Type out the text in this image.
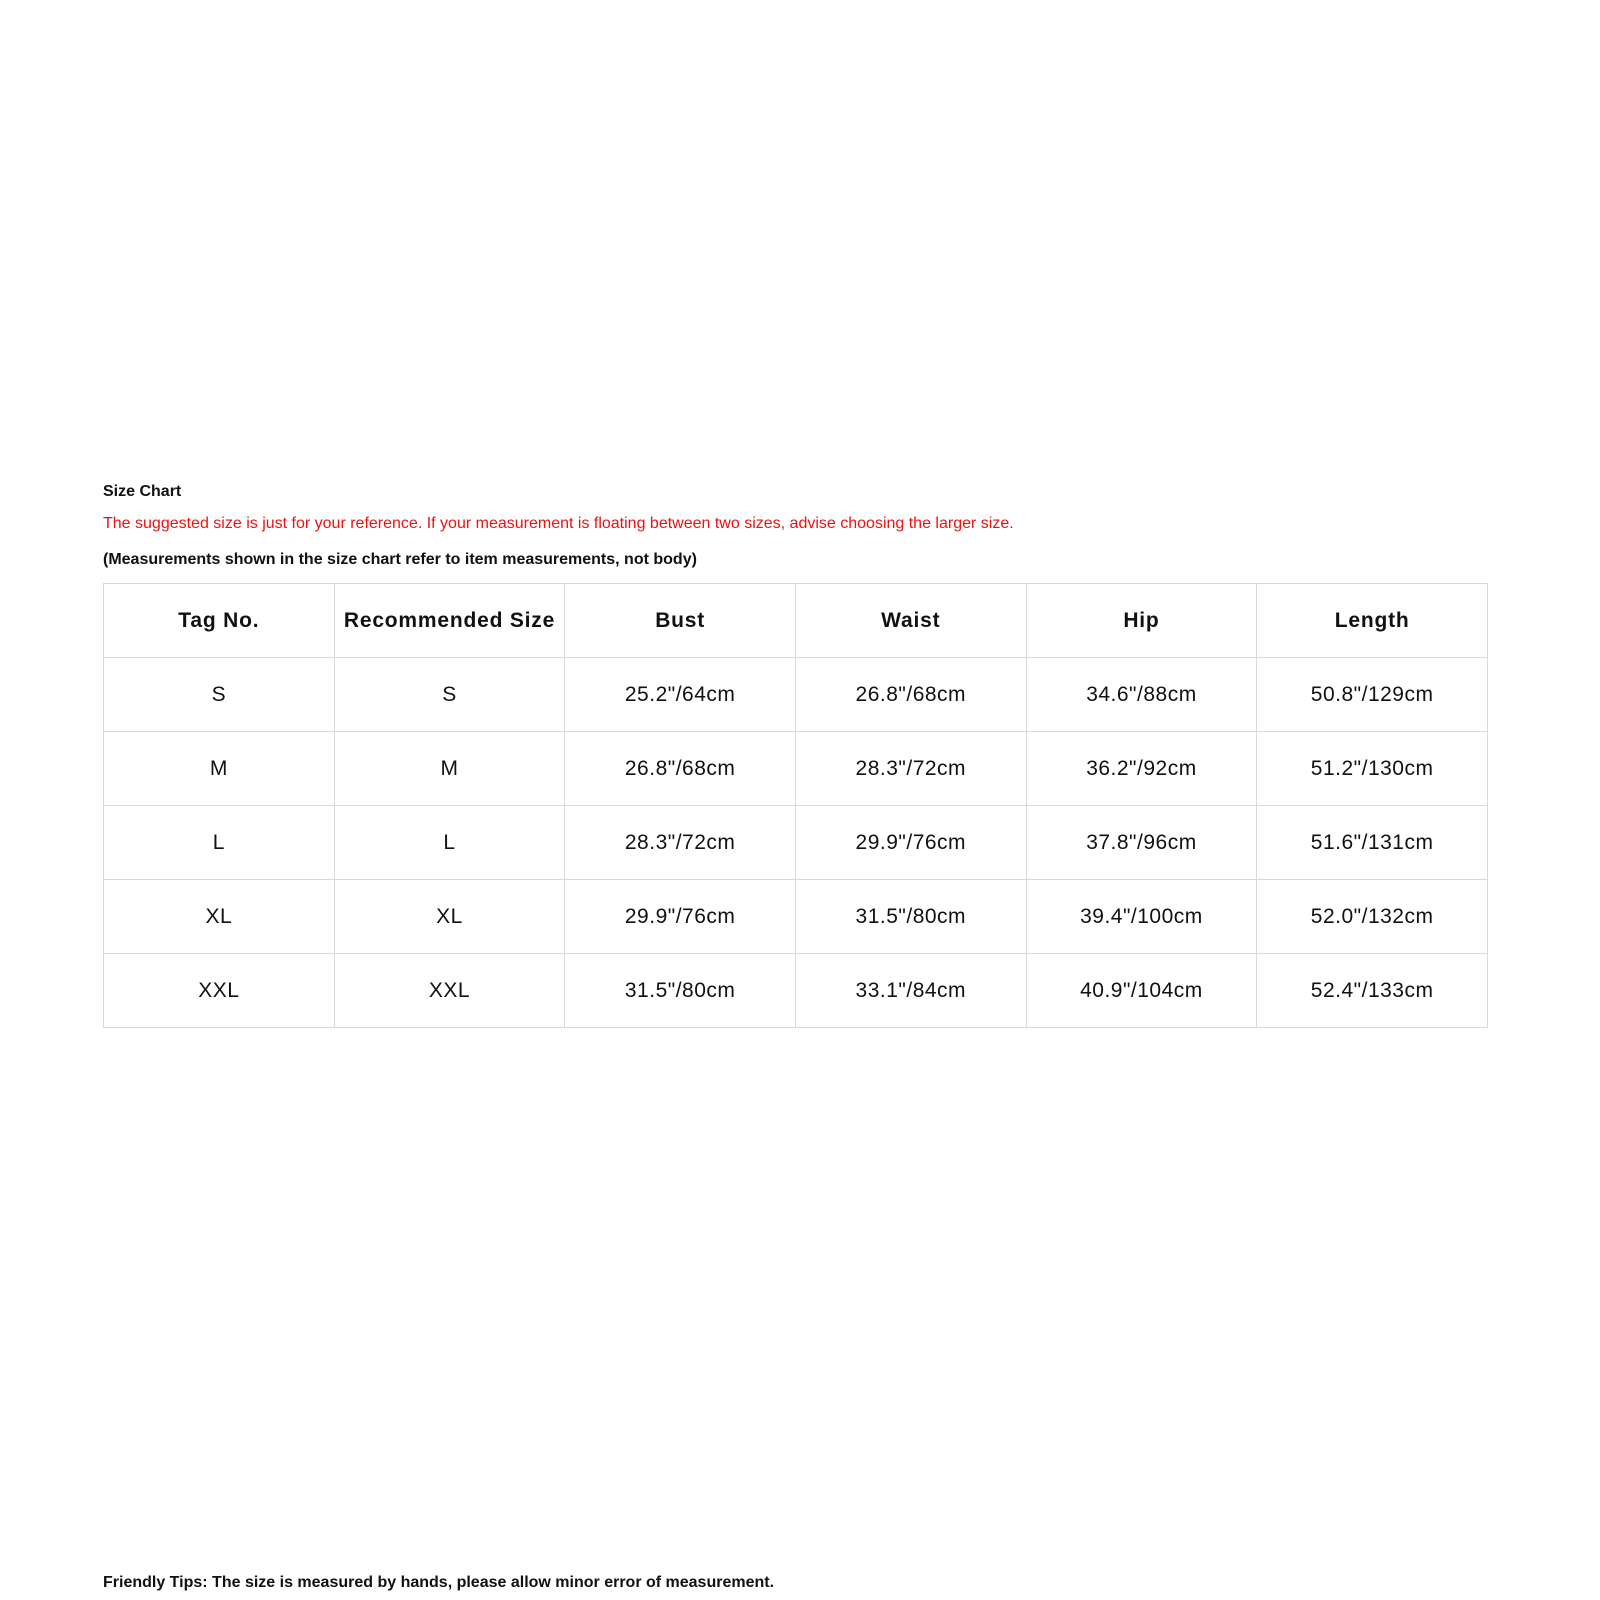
Size Chart

The suggested size is just for your reference. If your measurement is floating between two sizes, advise choosing the larger size.

(Measurements shown in the size chart refer to item measurements, not body)

Tag No.	Recommended Size	Bust	Waist	Hip	Length
S	S	25.2"/64cm	26.8"/68cm	34.6"/88cm	50.8"/129cm
M	M	26.8"/68cm	28.3"/72cm	36.2"/92cm	51.2"/130cm
L	L	28.3"/72cm	29.9"/76cm	37.8"/96cm	51.6"/131cm
XL	XL	29.9"/76cm	31.5"/80cm	39.4"/100cm	52.0"/132cm
XXL	XXL	31.5"/80cm	33.1"/84cm	40.9"/104cm	52.4"/133cm

Friendly Tips: The size is measured by hands, please allow minor error of measurement.
